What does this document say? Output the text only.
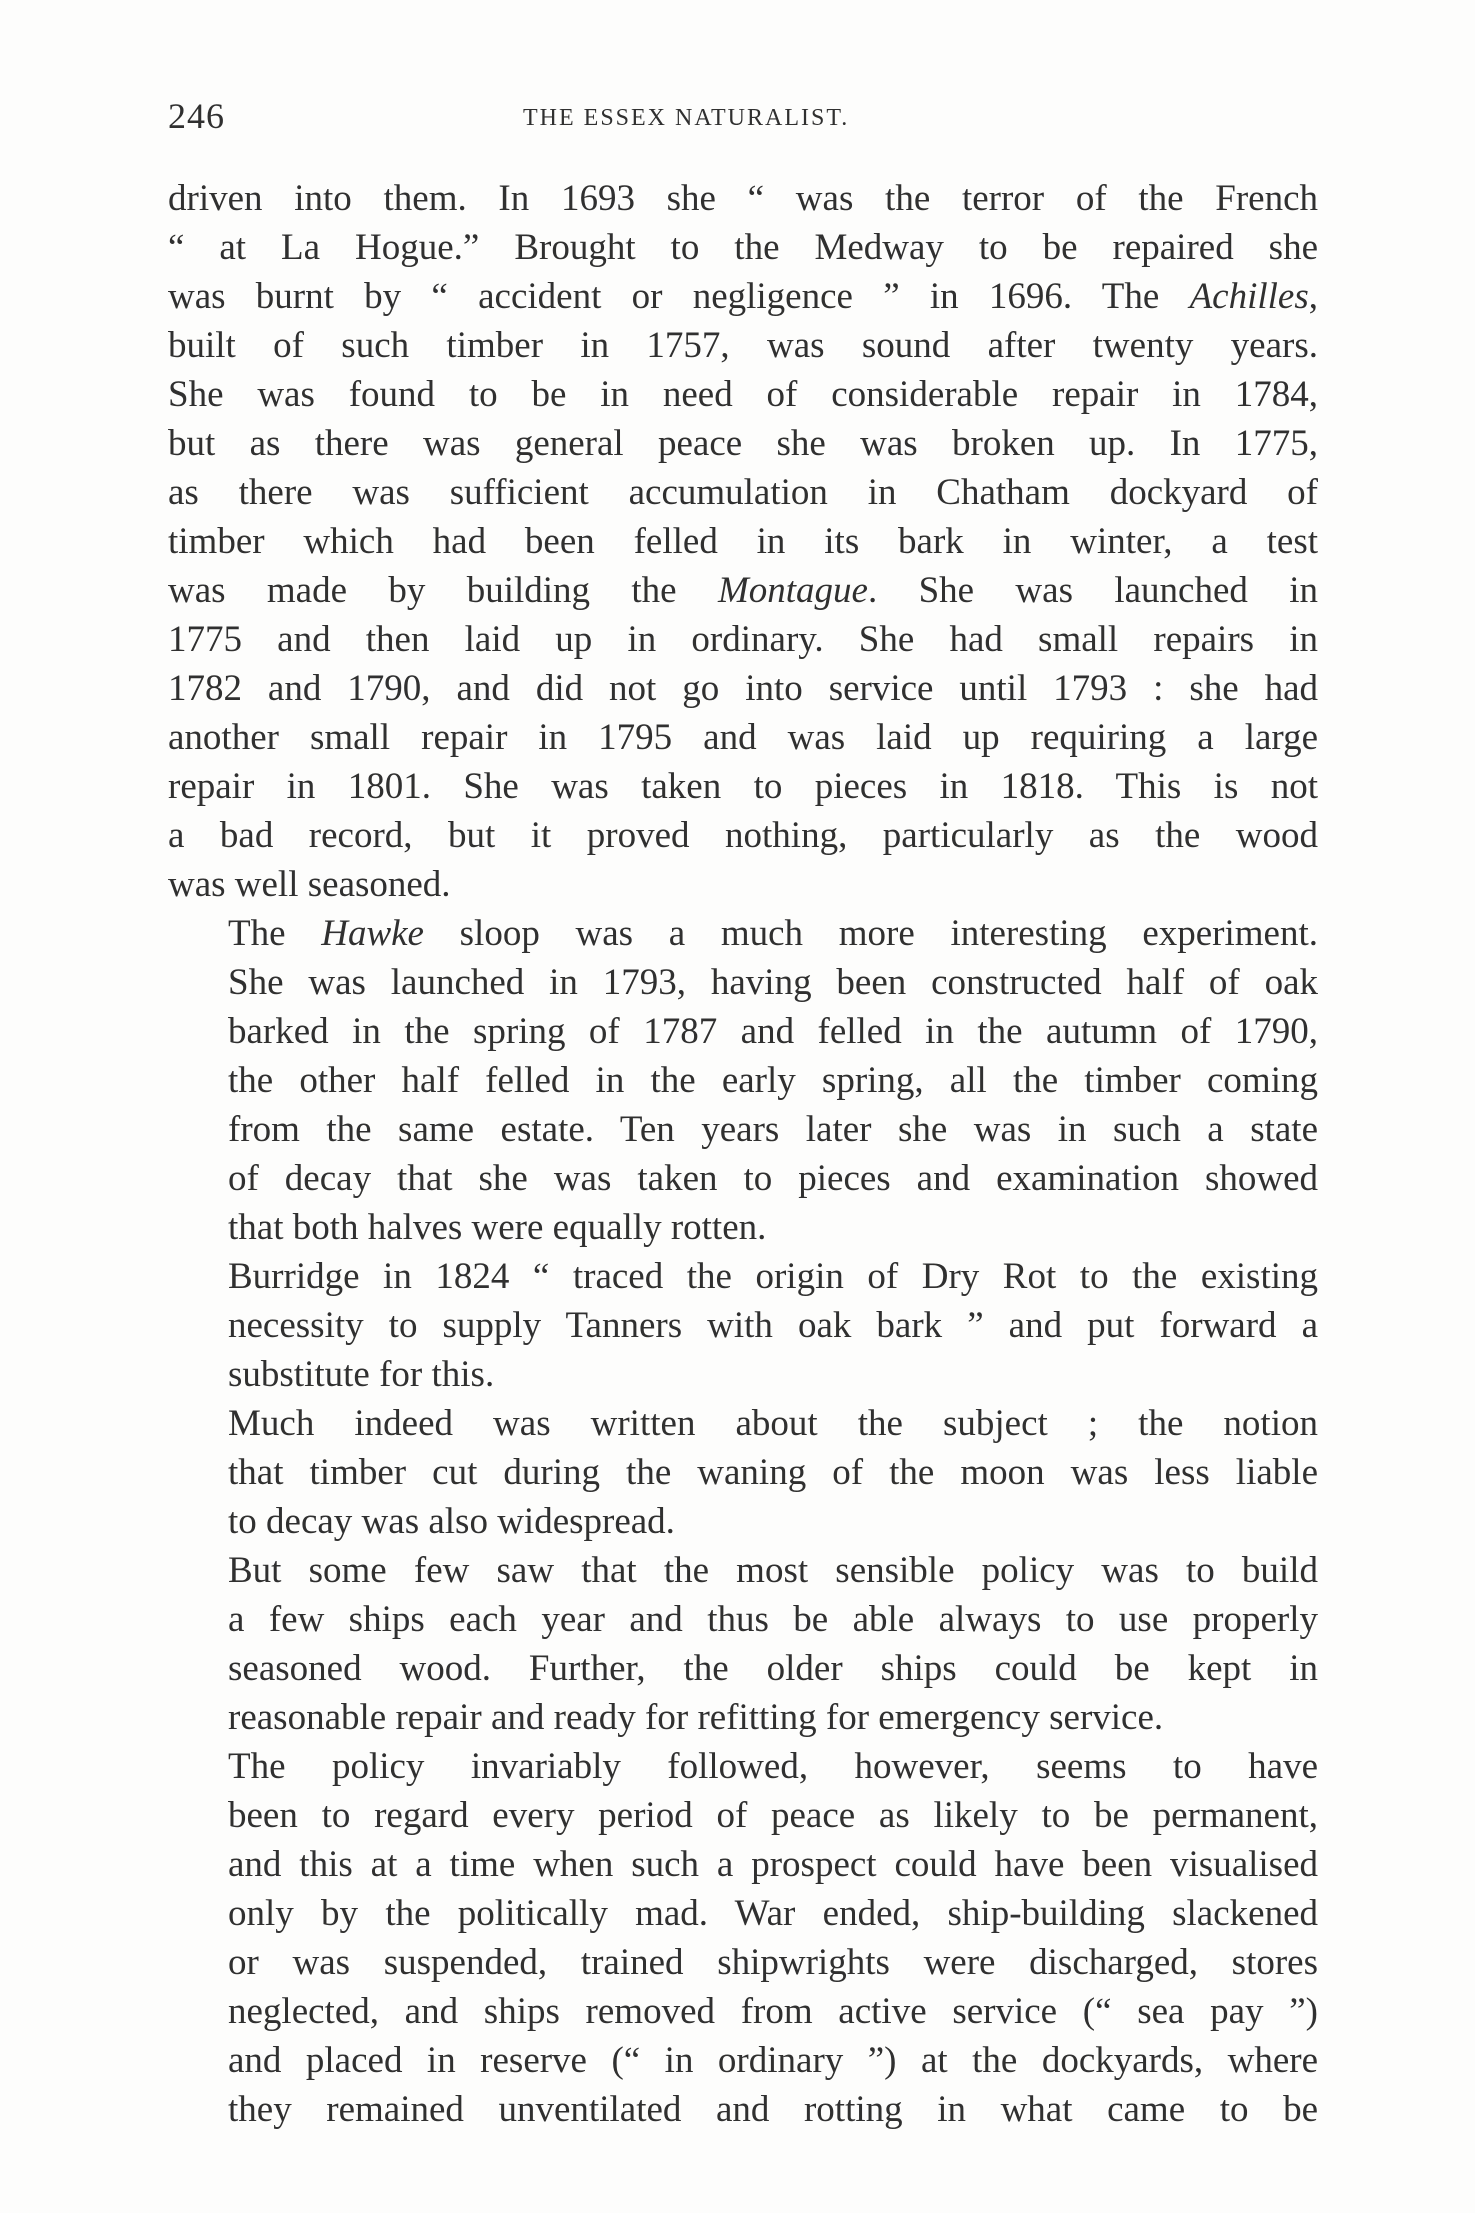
246	THE ESSEX NATURALIST.
driven into them. In 1693 she “ was the terror of the French
“ at La Hogue.” Brought to the Medway to be repaired she
was burnt by “ accident or negligence ” in 1696. The Achilles,
built of such timber in 1757, was sound after twenty years.
She was found to be in need of considerable repair in 1784,
but as there was general peace she was broken up. In 1775,
as there was sufficient accumulation in Chatham dockyard of
timber which had been felled in its bark in winter, a test
was made by building the Montague. She was launched in
1775 and then laid up in ordinary. She had small repairs in
1782 and 1790, and did not go into service until 1793 : she had
another small repair in 1795 and was laid up requiring a large
repair in 1801. She was taken to pieces in 1818. This is not
a bad record, but it proved nothing, particularly as the wood
was well seasoned.
The Hawke sloop was a much more interesting experiment.
She was launched in 1793, having been constructed half of oak
barked in the spring of 1787 and felled in the autumn of 1790,
the other half felled in the early spring, all the timber coming
from the same estate. Ten years later she was in such a state
of decay that she was taken to pieces and examination showed
that both halves were equally rotten.
Burridge in 1824 “ traced the origin of Dry Rot to the existing
necessity to supply Tanners with oak bark ” and put forward a
substitute for this.
Much indeed was written about the subject ; the notion
that timber cut during the waning of the moon was less liable
to decay was also widespread.
But some few saw that the most sensible policy was to build
a few ships each year and thus be able always to use properly
seasoned wood. Further, the older ships could be kept in
reasonable repair and ready for refitting for emergency service.
The policy invariably followed, however, seems to have
been to regard every period of peace as likely to be permanent,
and this at a time when such a prospect could have been visualised
only by the politically mad. War ended, ship-building slackened
or was suspended, trained shipwrights were discharged, stores
neglected, and ships removed from active service (“ sea pay ”)
and placed in reserve (“ in ordinary ”) at the dockyards, where
they remained unventilated and rotting in what came to be
